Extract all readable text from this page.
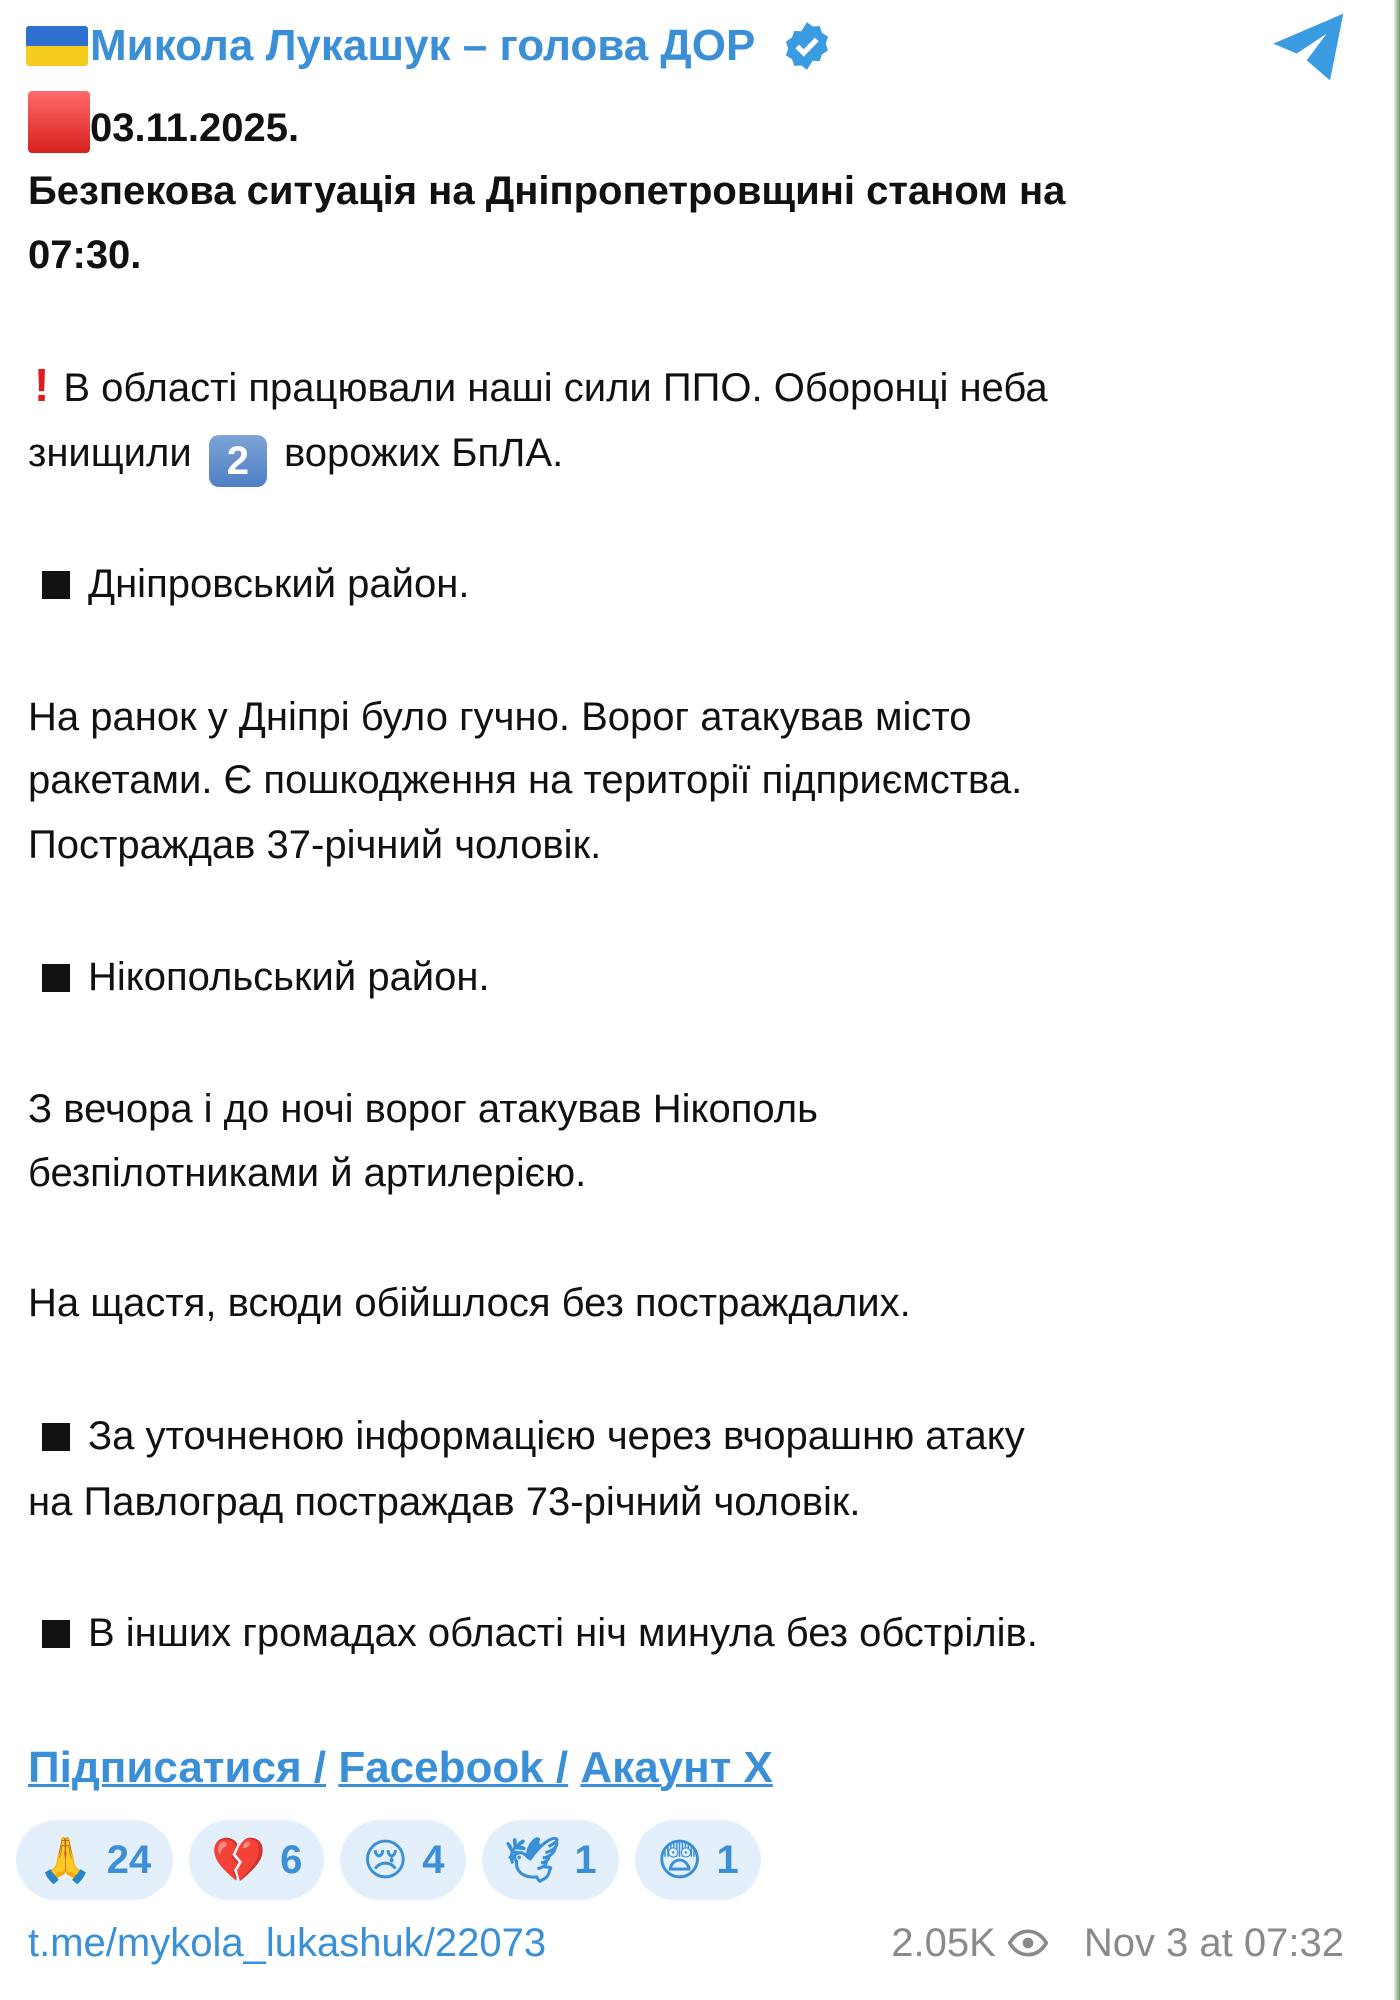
Микола Лукашук – голова ДОР
03.11.2025.
Безпекова ситуація на Дніпропетровщині станом на
07:30.
! В області працювали наші сили ППО. Оборонці неба
знищили 2 ворожих БпЛА.
Дніпровський район.
На ранок у Дніпрі було гучно. Ворог атакував місто
ракетами. Є пошкодження на території підприємства.
Постраждав 37-річний чоловік.
Нікопольський район.
З вечора і до ночі ворог атакував Нікополь
безпілотниками й артилерією.
На щастя, всюди обійшлося без постраждалих.
За уточненою інформацією через вчорашню атаку
на Павлоград постраждав 73-річний чоловік.
В інших громадах області ніч минула без обстрілів.
Підписатися / Facebook / Акаунт X
🙏 24 💔 6 😢 4 🕊 1 😨 1
t.me/mykola_lukashuk/22073	2.05K Nov 3 at 07:32
